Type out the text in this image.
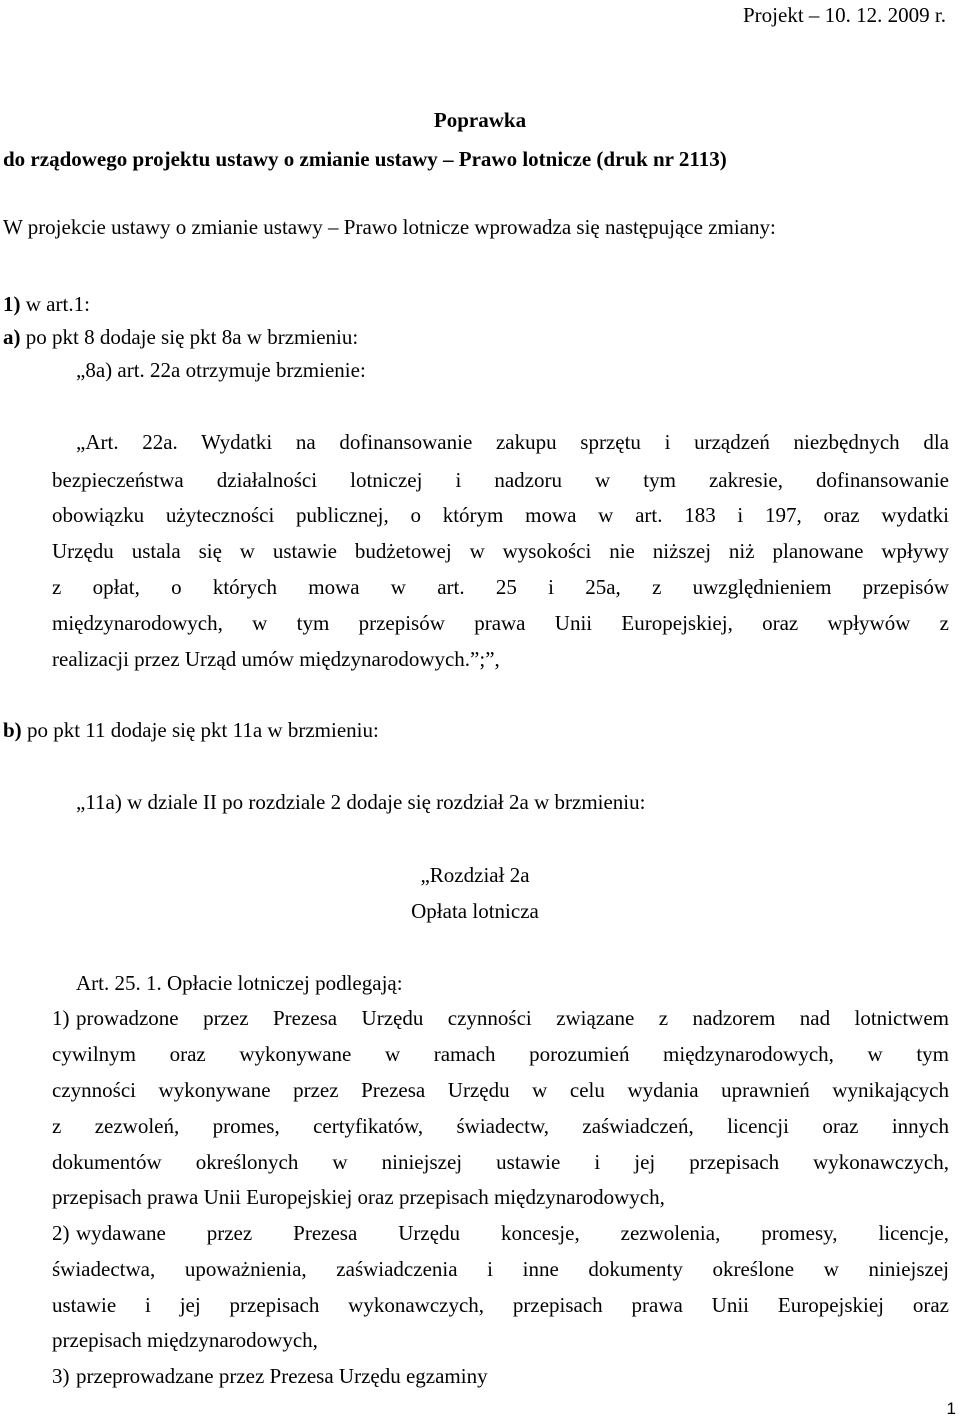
Projekt – 10. 12. 2009 r.
Poprawka
do rządowego projektu ustawy o zmianie ustawy – Prawo lotnicze (druk nr 2113)
W projekcie ustawy o zmianie ustawy – Prawo lotnicze wprowadza się następujące zmiany:
1) w art.1:
a) po pkt 8 dodaje się pkt 8a w brzmieniu:
„8a) art. 22a otrzymuje brzmienie:
„Art. 22a. Wydatki na dofinansowanie zakupu sprzętu i urządzeń niezbędnych dla
bezpieczeństwa działalności lotniczej i nadzoru w tym zakresie, dofinansowanie
obowiązku użyteczności publicznej, o którym mowa w art. 183 i 197, oraz wydatki
Urzędu ustala się w ustawie budżetowej w wysokości nie niższej niż planowane wpływy
z opłat, o których mowa w art. 25 i 25a, z uwzględnieniem przepisów
międzynarodowych, w tym przepisów prawa Unii Europejskiej, oraz wpływów z
realizacji przez Urząd umów międzynarodowych.”;”,
b) po pkt 11 dodaje się pkt 11a w brzmieniu:
„11a) w dziale II po rozdziale 2 dodaje się rozdział 2a w brzmieniu:
„Rozdział 2a
Opłata lotnicza
Art. 25. 1. Opłacie lotniczej podlegają:
1) prowadzone przez Prezesa Urzędu czynności związane z nadzorem nad lotnictwem
cywilnym oraz wykonywane w ramach porozumień międzynarodowych, w tym
czynności wykonywane przez Prezesa Urzędu w celu wydania uprawnień wynikających
z zezwoleń, promes, certyfikatów, świadectw, zaświadczeń, licencji oraz innych
dokumentów określonych w niniejszej ustawie i jej przepisach wykonawczych,
przepisach prawa Unii Europejskiej oraz przepisach międzynarodowych,
2) wydawane przez Prezesa Urzędu koncesje, zezwolenia, promesy, licencje,
świadectwa, upoważnienia, zaświadczenia i inne dokumenty określone w niniejszej
ustawie i jej przepisach wykonawczych, przepisach prawa Unii Europejskiej oraz
przepisach międzynarodowych,
3) przeprowadzane przez Prezesa Urzędu egzaminy
1
